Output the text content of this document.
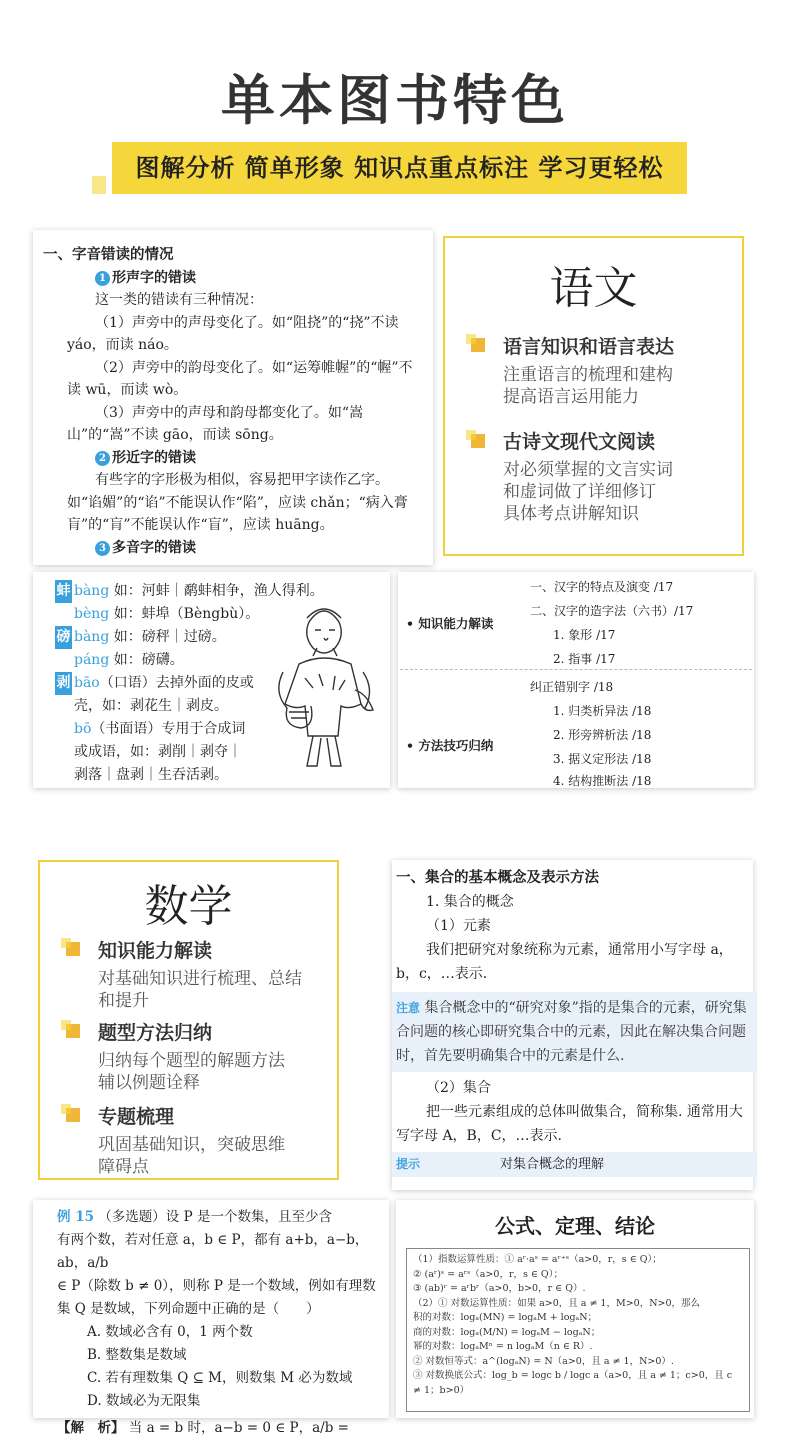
单本图书特色
图解分析 简单形象 知识点重点标注 学习更轻松
一、字音错读的情况
1 形声字的错读
这一类的错读有三种情况：
（1）声旁中的声母变化了。如“阻挠”的“挠”不读 yáo，而读 náo。
（2）声旁中的韵母变化了。如“运筹帷幄”的“幄”不读 wū，而读 wò。
（3）声旁中的声母和韵母都变化了。如“嵩山”的“嵩”不读 gāo，而读 sōng。
2 形近字的错读
有些字的字形极为相似，容易把甲字读作乙字。如“谄媚”的“谄”不能误认作“陷”，应读 chǎn；“病入膏肓”的“肓”不能误认作“盲”，应读 huāng。
3 多音字的错读
语文
语言知识和语言表达
注重语言的梳理和建构
提高语言运用能力
古诗文现代文阅读
对必须掌握的文言实词
和虚词做了详细修订
具体考点讲解知识
蚌 bàng 如：河蚌｜鹬蚌相争，渔人得利。
bèng 如：蚌埠（Bèngbù）。
磅 bàng 如：磅秤｜过磅。
páng 如：磅礴。
剥 bāo（口语）去掉外面的皮或
壳，如：剥花生｜剥皮。
bō（书面语）专用于合成词
或成语，如：剥削｜剥夺｜
剥落｜盘剥｜生吞活剥。
• 知识能力解读
一、汉字的特点及演变 /17
二、汉字的造字法（六书）/17
1. 象形 /17
2. 指事 /17
• 方法技巧归纳
纠正错别字 /18
1. 归类析异法 /18
2. 形旁辨析法 /18
3. 据义定形法 /18
4. 结构推断法 /18
数学
知识能力解读
对基础知识进行梳理、总结
和提升
题型方法归纳
归纳每个题型的解题方法
辅以例题诠释
专题梳理
巩固基础知识，突破思维
障碍点
一、集合的基本概念及表示方法
1. 集合的概念
（1）元素
我们把研究对象统称为元素，通常用小写字母 a，b，c，…表示.
注意 集合概念中的“研究对象”指的是集合的元素，研究集合问题的核心即研究集合中的元素，因此在解决集合问题时，首先要明确集合中的元素是什么.
（2）集合
把一些元素组成的总体叫做集合，简称集. 通常用大写字母 A，B，C，…表示.
提示	对集合概念的理解
例 15 （多选题）设 P 是一个数集，且至少含
有两个数，若对任意 a，b ∈ P，都有 a+b，a−b，ab，a/b
∈ P（除数 b ≠ 0），则称 P 是一个数域，例如有理数
集 Q 是数域，下列命题中正确的是（　　）
A. 数域必含有 0，1 两个数
B. 整数集是数域
C. 若有理数集 Q ⊆ M，则数集 M 必为数域
D. 数域必为无限集
【解　析】 当 a = b 时，a−b = 0 ∈ P，a/b =
公式、定理、结论
（1）指数运算性质：① aʳ·aˢ = aʳ⁺ˢ（a>0，r，s ∈ Q）；
② (aʳ)ˢ = aʳˢ（a>0，r，s ∈ Q）；
③ (ab)ʳ = aʳbʳ（a>0，b>0，r ∈ Q）.
（2）① 对数运算性质：如果 a>0，且 a ≠ 1，M>0，N>0，那么
积的对数：logₐ(MN) = logₐM + logₐN；
商的对数：logₐ(M/N) = logₐM − logₐN；
幂的对数：logₐMⁿ = n logₐM（n ∈ R）.
② 对数恒等式：a^(logₐN) = N（a>0，且 a ≠ 1，N>0）.
③ 对数换底公式：log_b = logc b / logc a（a>0，且 a ≠ 1；c>0，且 c ≠ 1；b>0）
